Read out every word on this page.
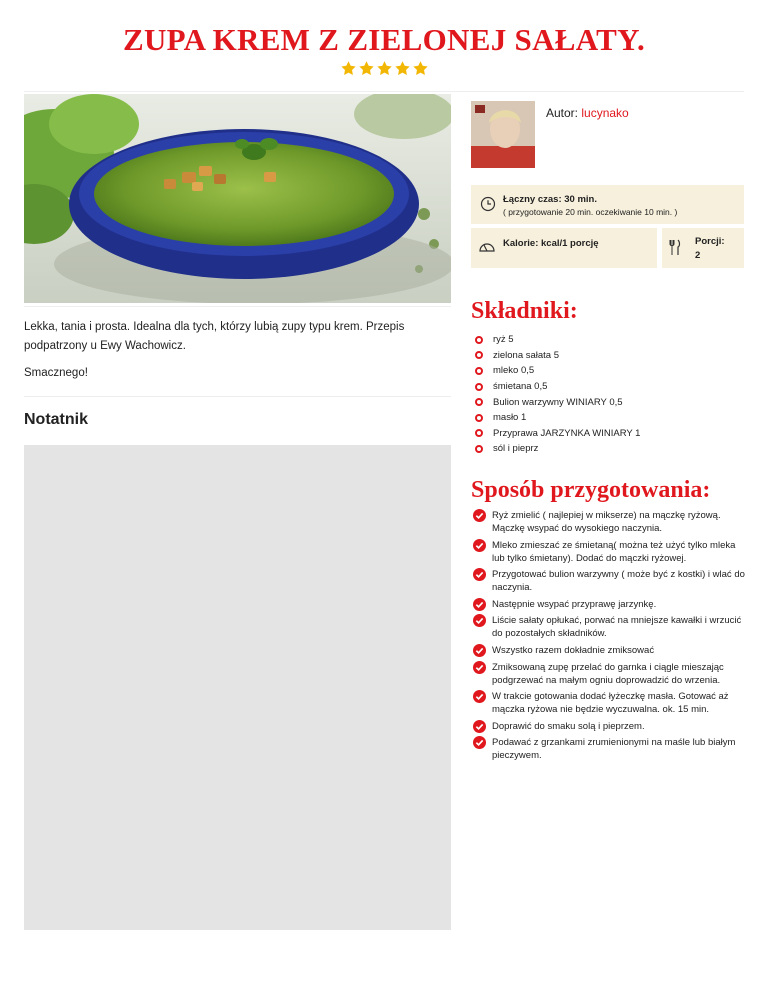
ZUPA KREM Z ZIELONEJ SAŁATY.
Autor: lucynako
Łączny czas: 30 min.
( przygotowanie 20 min. oczekiwanie 10 min. )
Kalorie: kcal/1 porcję	Porcji:
2

Lekka, tania i prosta. Idealna dla tych, którzy lubią zupy typu krem. Przepis podpatrzony u Ewy Wachowicz.

Smacznego!

Notatnik
Składniki:
ryż 5
zielona sałata 5
mleko 0,5
śmietana 0,5
Bulion warzywny WINIARY 0,5
masło 1
Przyprawa JARZYNKA WINIARY 1
sól i pieprz
Sposób przygotowania:
Ryż zmielić ( najlepiej w mikserze) na mączkę ryżową. Mączkę wsypać do wysokiego naczynia.
Mleko zmieszać ze śmietaną( można też użyć tylko mleka lub tylko śmietany). Dodać do mączki ryżowej.
Przygotować bulion warzywny ( może być z kostki) i wlać do naczynia.
Następnie wsypać przyprawę jarzynkę.
Liście sałaty opłukać, porwać na mniejsze kawałki i wrzucić do pozostałych składników.
Wszystko razem dokładnie zmiksować
Zmiksowaną zupę przelać do garnka i ciągle mieszając podgrzewać na małym ogniu doprowadzić do wrzenia.
W trakcie gotowania dodać łyżeczkę masła. Gotować aż mączka ryżowa nie będzie wyczuwalna. ok. 15 min.
Doprawić do smaku solą i pieprzem.
Podawać z grzankami zrumienionymi na maśle lub białym pieczywem.
